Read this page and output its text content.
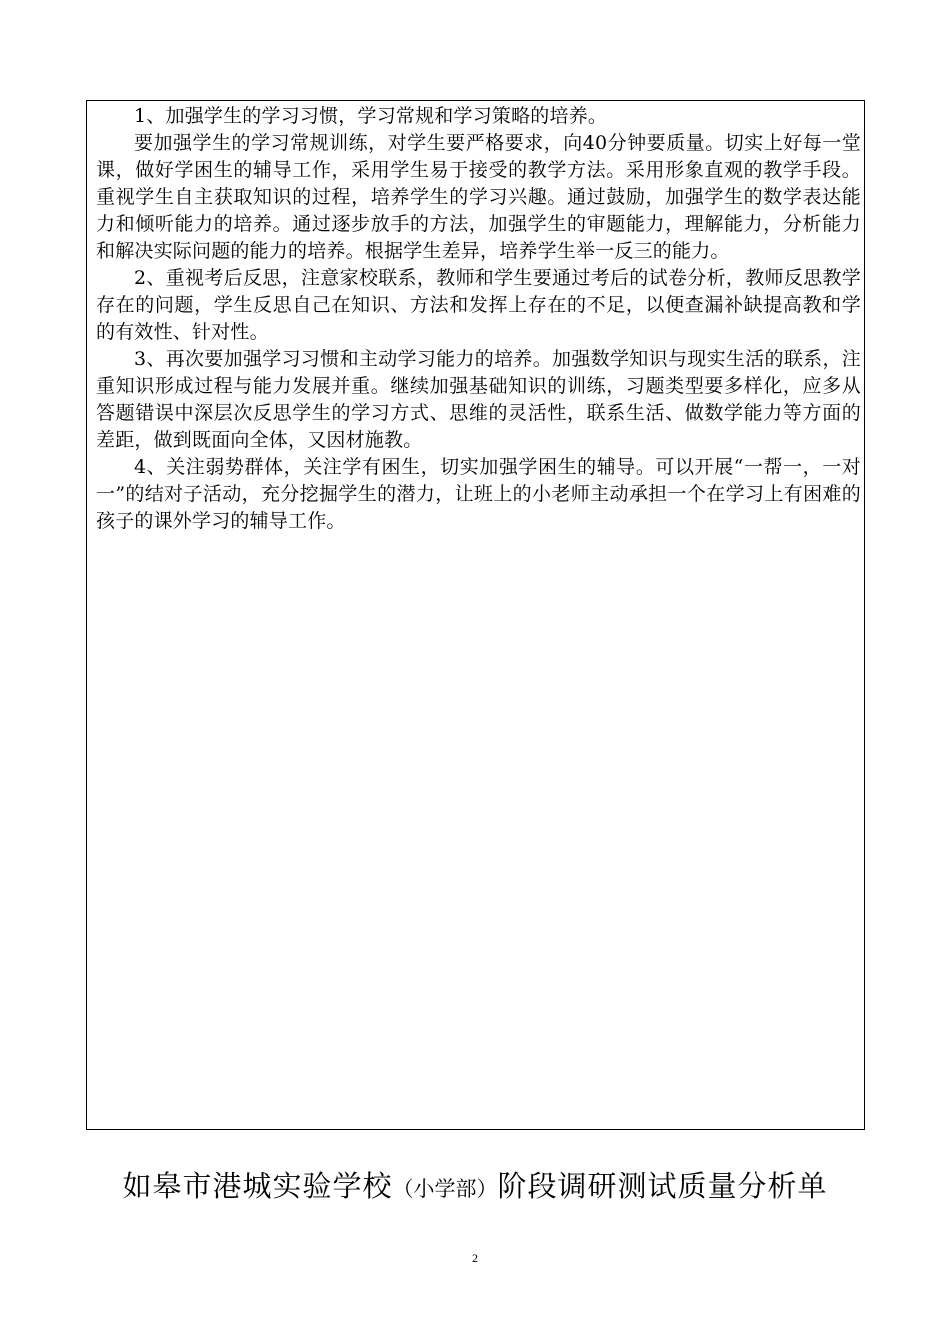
1、加强学生的学习习惯，学习常规和学习策略的培养。

要加强学生的学习常规训练，对学生要严格要求，向40分钟要质量。切实上好每一堂课，做好学困生的辅导工作，采用学生易于接受的教学方法。采用形象直观的教学手段。重视学生自主获取知识的过程，培养学生的学习兴趣。通过鼓励，加强学生的数学表达能力和倾听能力的培养。通过逐步放手的方法，加强学生的审题能力，理解能力，分析能力和解决实际问题的能力的培养。根据学生差异，培养学生举一反三的能力。

2、重视考后反思，注意家校联系，教师和学生要通过考后的试卷分析，教师反思教学存在的问题，学生反思自己在知识、方法和发挥上存在的不足，以便查漏补缺提高教和学的有效性、针对性。

3、再次要加强学习习惯和主动学习能力的培养。加强数学知识与现实生活的联系，注重知识形成过程与能力发展并重。继续加强基础知识的训练，习题类型要多样化，应多从答题错误中深层次反思学生的学习方式、思维的灵活性，联系生活、做数学能力等方面的差距，做到既面向全体，又因材施教。

4、关注弱势群体，关注学有困生，切实加强学困生的辅导。可以开展“一帮一，一对一”的结对子活动，充分挖掘学生的潜力，让班上的小老师主动承担一个在学习上有困难的孩子的课外学习的辅导工作。

如皋市港城实验学校（小学部）阶段调研测试质量分析单
2
